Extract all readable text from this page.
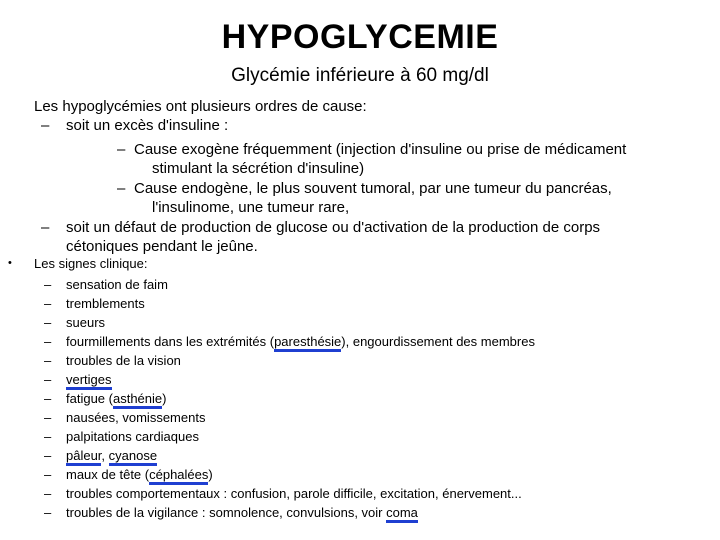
HYPOGLYCEMIE
Glycémie inférieure à 60 mg/dl
Les hypoglycémies ont plusieurs ordres de cause:
– soit un excès d'insuline :
– Cause exogène fréquemment (injection d'insuline ou prise de médicament
stimulant la sécrétion d'insuline)
– Cause endogène, le plus souvent tumoral, par une tumeur du pancréas,
l'insulinome, une tumeur rare,
– soit un défaut de production de glucose ou d'activation de la production de corps
cétoniques pendant le jeûne.
• Les signes clinique:
– sensation de faim
– tremblements
– sueurs
– fourmillements dans les extrémités (paresthésie), engourdissement des membres
– troubles de la vision
– vertiges
– fatigue (asthénie)
– nausées, vomissements
– palpitations cardiaques
– pâleur, cyanose
– maux de tête (céphalées)
– troubles comportementaux : confusion, parole difficile, excitation, énervement...
– troubles de la vigilance : somnolence, convulsions, voir coma
